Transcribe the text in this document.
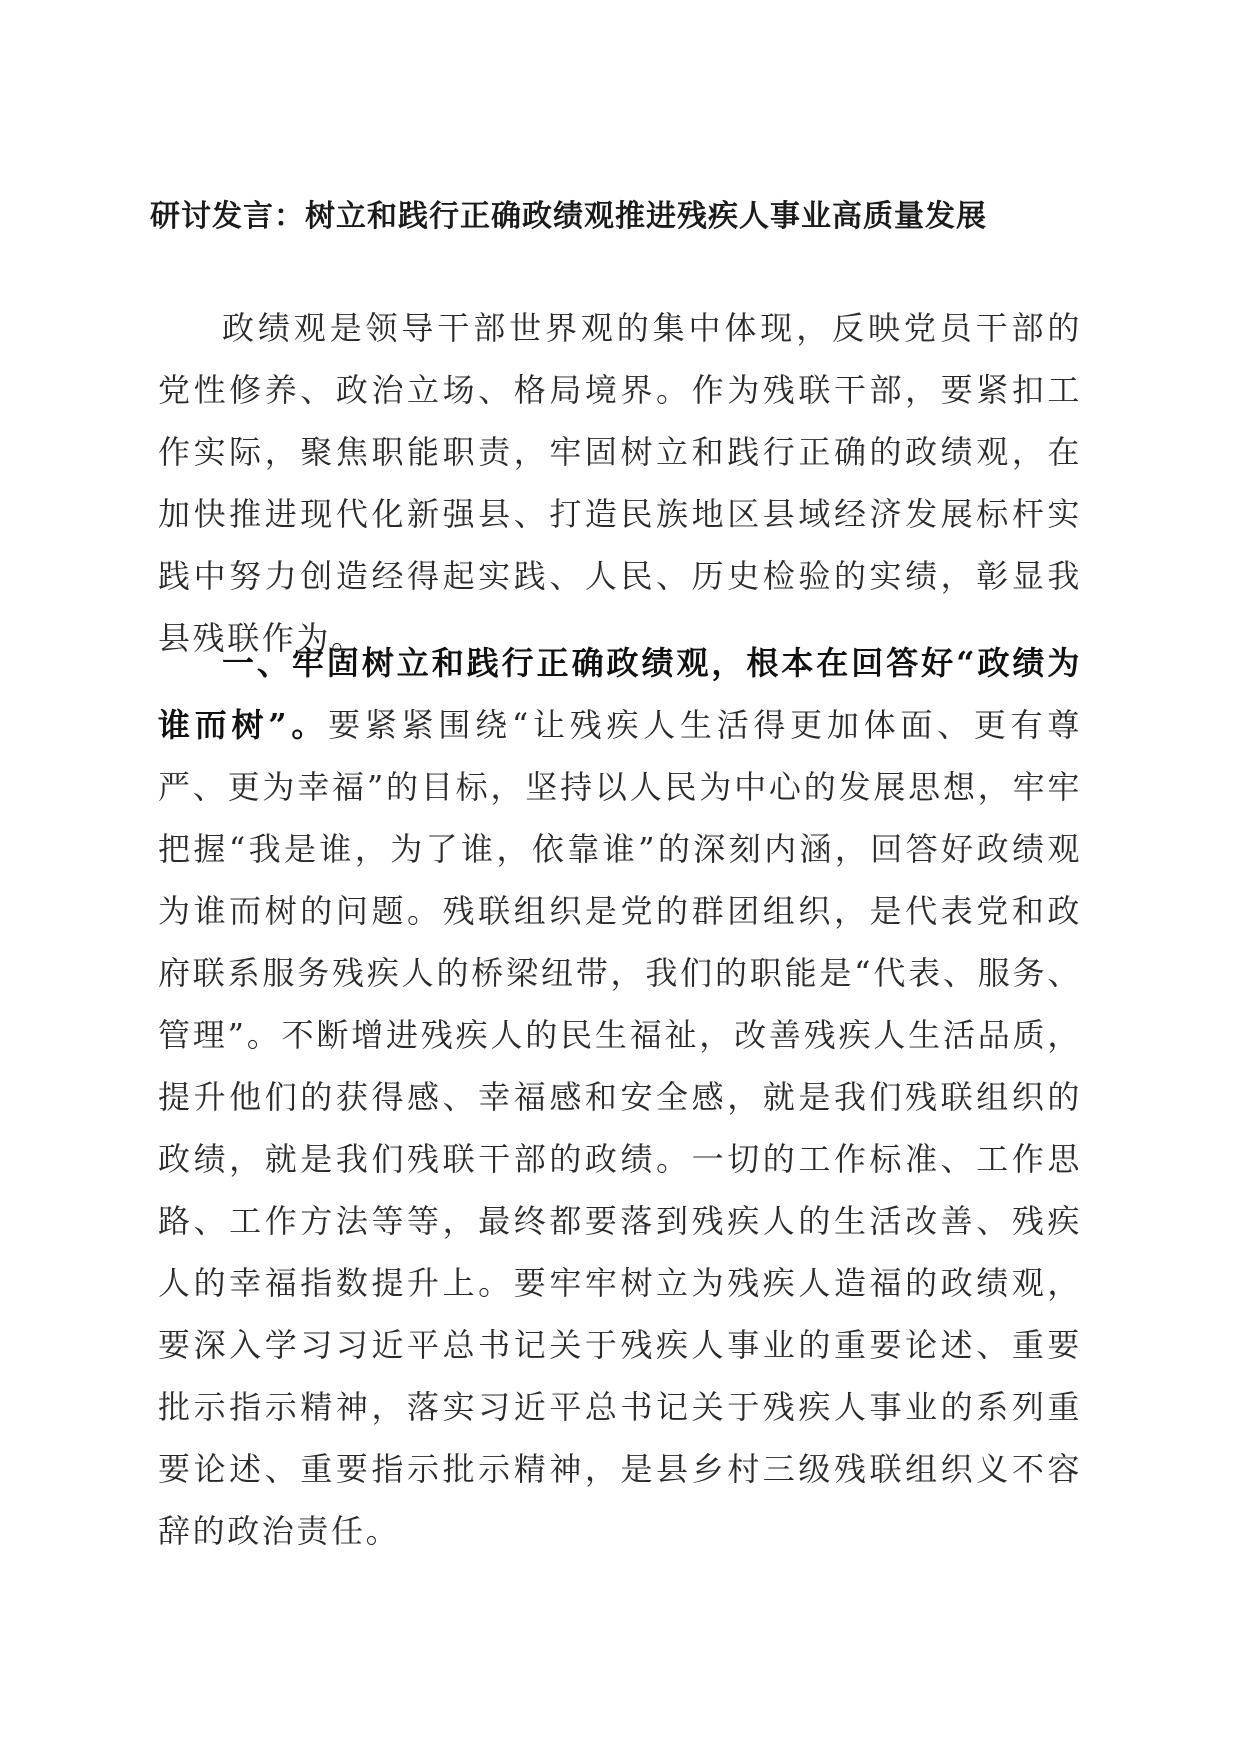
研讨发言：树立和践行正确政绩观推进残疾人事业高质量发展
政绩观是领导干部世界观的集中体现，反映党员干部的党性修养、政治立场、格局境界。作为残联干部，要紧扣工作实际，聚焦职能职责，牢固树立和践行正确的政绩观，在加快推进现代化新强县、打造民族地区县域经济发展标杆实践中努力创造经得起实践、人民、历史检验的实绩，彰显我县残联作为。
一、牢固树立和践行正确政绩观，根本在回答好“政绩为谁而树”。要紧紧围绕“让残疾人生活得更加体面、更有尊严、更为幸福”的目标，坚持以人民为中心的发展思想，牢牢把握“我是谁，为了谁，依靠谁”的深刻内涵，回答好政绩观为谁而树的问题。残联组织是党的群团组织，是代表党和政府联系服务残疾人的桥梁纽带，我们的职能是“代表、服务、管理”。不断增进残疾人的民生福祉，改善残疾人生活品质，提升他们的获得感、幸福感和安全感，就是我们残联组织的政绩，就是我们残联干部的政绩。一切的工作标准、工作思路、工作方法等等，最终都要落到残疾人的生活改善、残疾人的幸福指数提升上。要牢牢树立为残疾人造福的政绩观，要深入学习习近平总书记关于残疾人事业的重要论述、重要批示指示精神，落实习近平总书记关于残疾人事业的系列重要论述、重要指示批示精神，是县乡村三级残联组织义不容辞的政治责任。
